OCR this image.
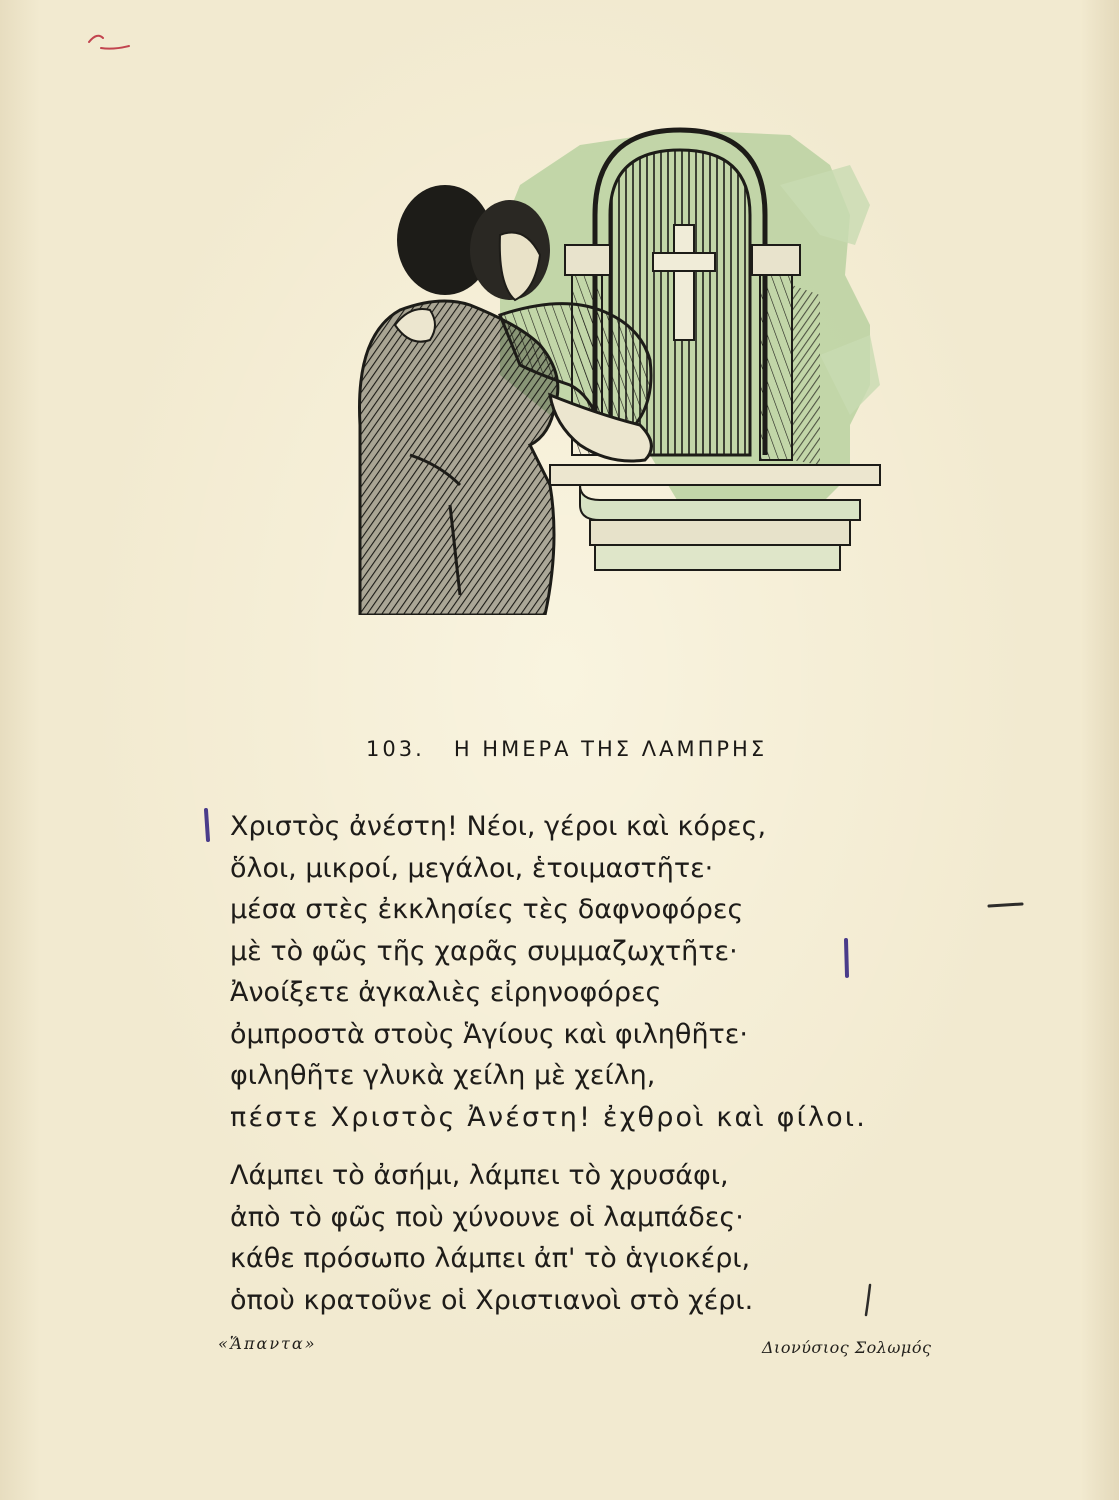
103. Η ΗΜΕΡΑ ΤΗΣ ΛΑΜΠΡΗΣ
Χριστὸς ἀνέστη! Νέοι, γέροι καὶ κόρες,
ὅλοι, μικροί, μεγάλοι, ἑτοιμαστῆτε·
μέσα στὲς ἐκκλησίες τὲς δαφνοφόρες
μὲ τὸ φῶς τῆς χαρᾶς συμμαζωχτῆτε·
Ἀνοίξετε ἀγκαλιὲς εἰρηνοφόρες
ὀμπροστὰ στοὺς Ἁγίους καὶ φιληθῆτε·
φιληθῆτε γλυκὰ χείλη μὲ χείλη,
πέστε Χριστὸς Ἀνέστη! ἐχθροὶ καὶ φίλοι.
Λάμπει τὸ ἀσήμι, λάμπει τὸ χρυσάφι,
ἀπὸ τὸ φῶς ποὺ χύνουνε οἱ λαμπάδες·
κάθε πρόσωπο λάμπει ἀπ' τὸ ἁγιοκέρι,
ὁποὺ κρατοῦνε οἱ Χριστιανοὶ στὸ χέρι.
«Ἅπαντα»	Διονύσιος Σολωμός
